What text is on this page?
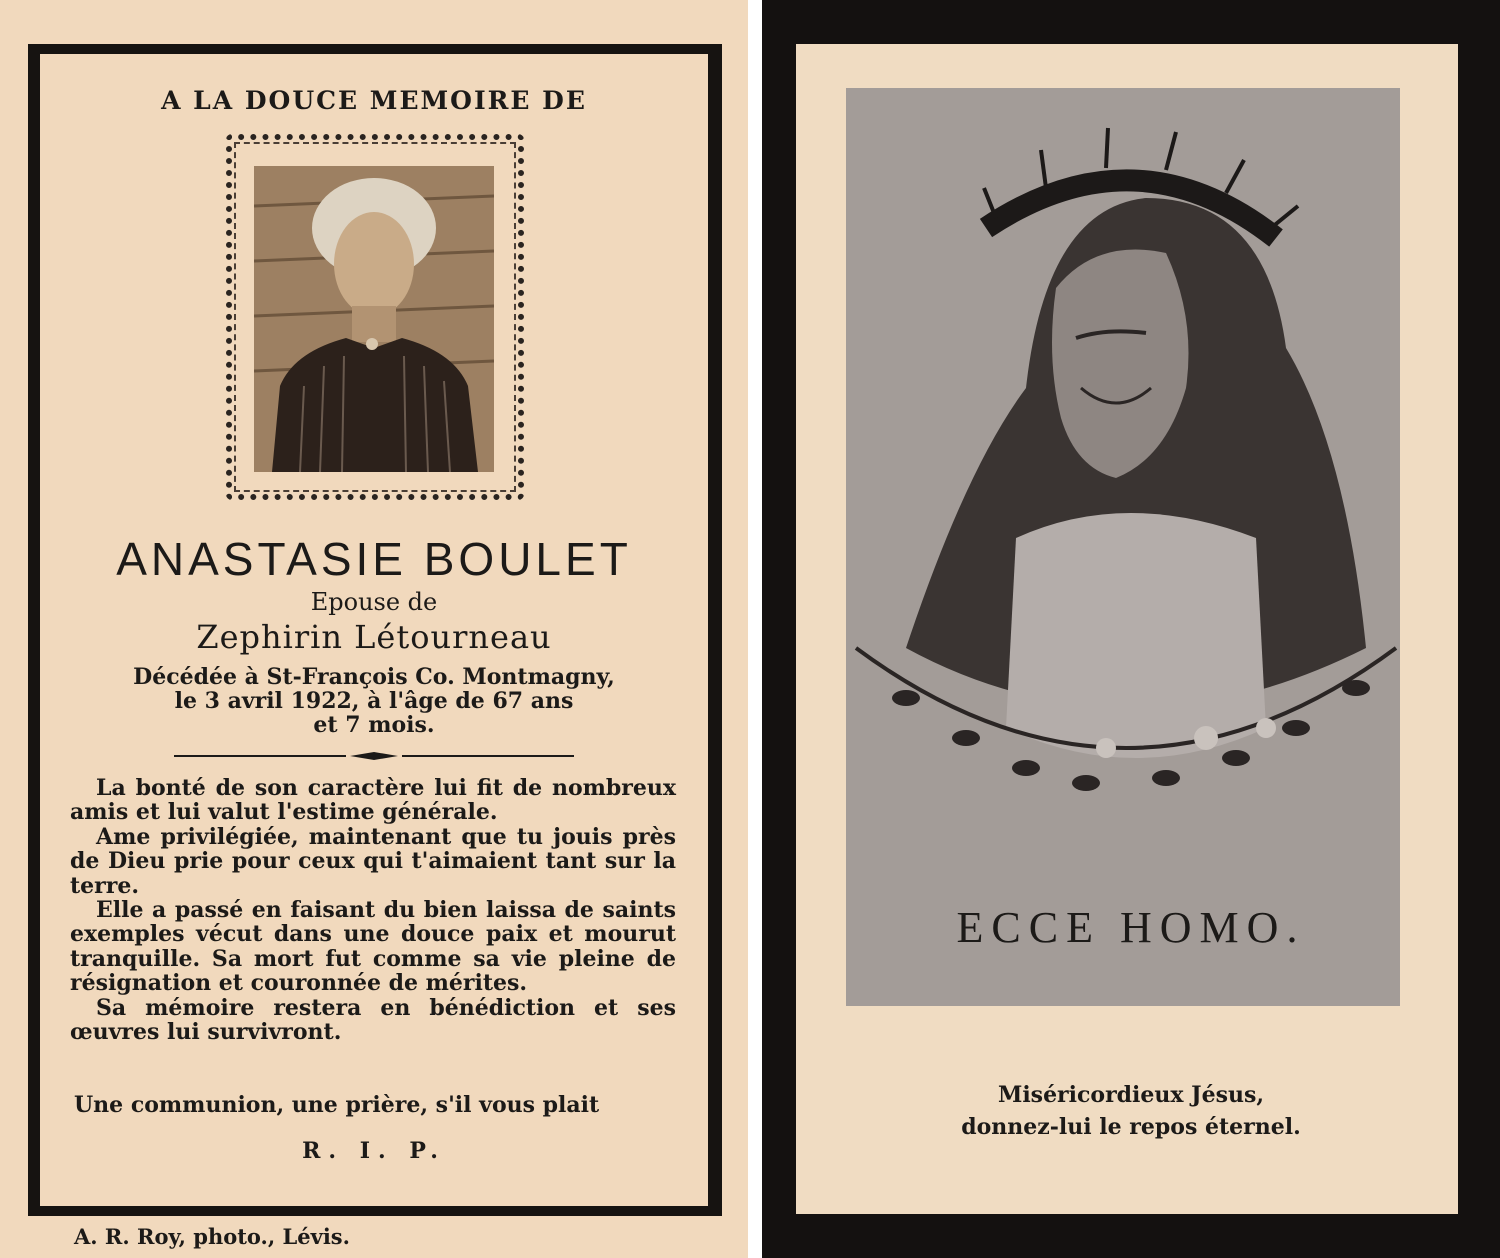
A LA DOUCE MEMOIRE DE
ANASTASIE BOULET
Epouse de
Zephirin Létourneau
Décédée à St-François Co. Montmagny,
le 3 avril 1922, à l'âge de 67 ans
et 7 mois.

La bonté de son caractère lui fit de nombreux amis et lui valut l'estime générale.

Ame privilégiée, maintenant que tu jouis près de Dieu prie pour ceux qui t'aimaient tant sur la terre.

Elle a passé en faisant du bien laissa de saints exemples vécut dans une douce paix et mourut tranquille. Sa mort fut comme sa vie pleine de résignation et couronnée de mérites.

Sa mémoire restera en bénédiction et ses œuvres lui survivront.

Une communion, une prière, s'il vous plait
R. I. P.
A. R. Roy, photo., Lévis.
ECCE HOMO.
Miséricordieux Jésus,
donnez-lui le repos éternel.
